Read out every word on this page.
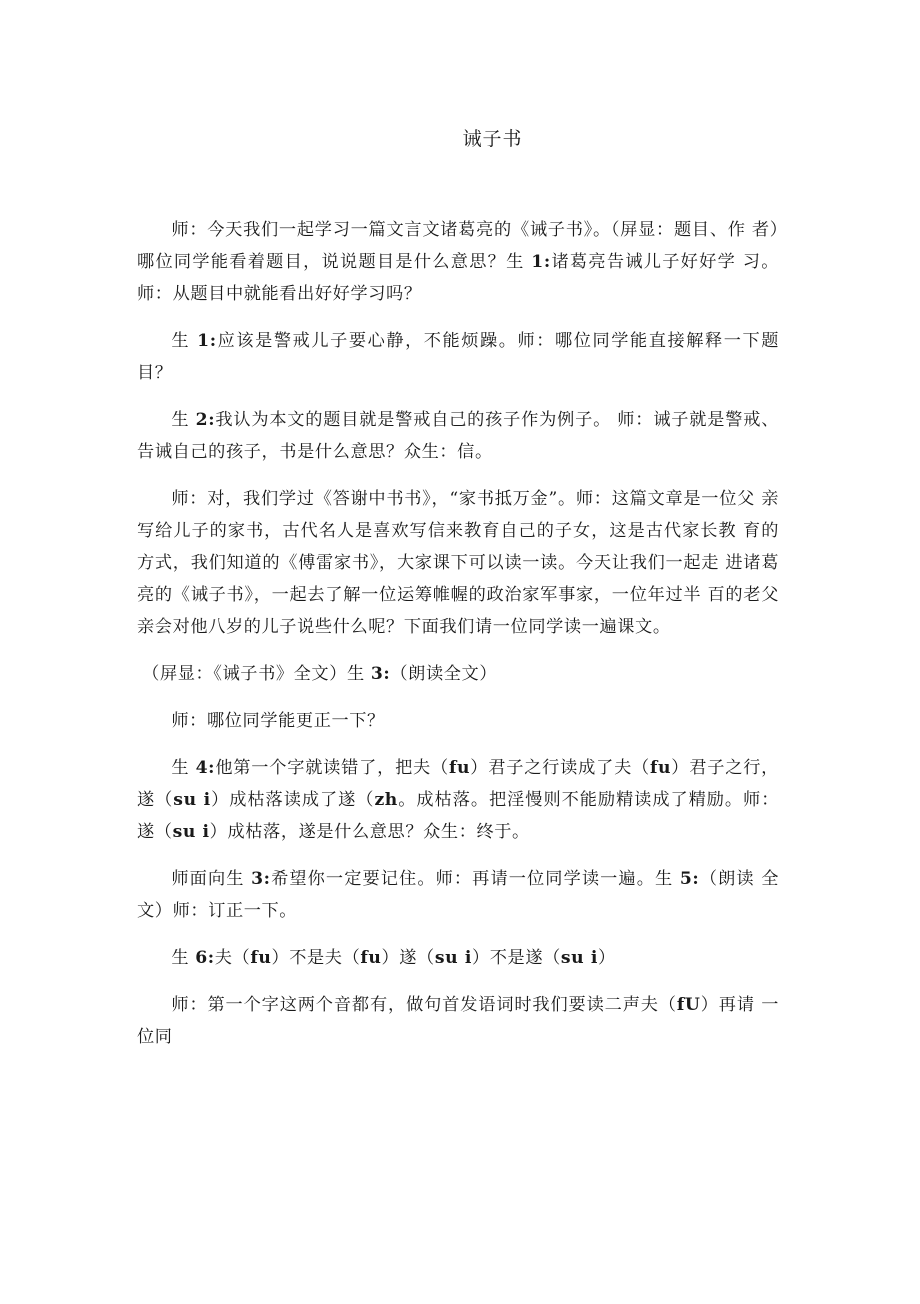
诫子书

师：今天我们一起学习一篇文言文诸葛亮的《诫子书》。（屏显：题目、作 者）哪位同学能看着题目，说说题目是什么意思？生 1:诸葛亮告诫儿子好好学 习。师：从题目中就能看出好好学习吗？

生 1:应该是警戒儿子要心静，不能烦躁。师：哪位同学能直接解释一下题 目？

生 2:我认为本文的题目就是警戒自己的孩子作为例子。 师：诫子就是警戒、 告诫自己的孩子，书是什么意思？众生：信。

师：对，我们学过《答谢中书书》，“家书抵万金”。师：这篇文章是一位父 亲写给儿子的家书，古代名人是喜欢写信来教育自己的子女，这是古代家长教 育的方式，我们知道的《傅雷家书》，大家课下可以读一读。今天让我们一起走 进诸葛亮的《诫子书》，一起去了解一位运筹帷幄的政治家军事家，一位年过半 百的老父亲会对他八岁的儿子说些什么呢？下面我们请一位同学读一遍课文。

（屏显：《诫子书》全文）生 3:（朗读全文）

师：哪位同学能更正一下？

生 4:他第一个字就读错了，把夫（fu）君子之行读成了夫（fu）君子之行，遂（su i）成枯落读成了遂（zh。成枯落。把淫慢则不能励精读成了精励。师：遂（su i）成枯落，遂是什么意思？众生：终于。

师面向生 3:希望你一定要记住。师：再请一位同学读一遍。生 5:（朗读 全文）师：订正一下。

生 6:夫（fu）不是夫（fu）遂（su i）不是遂（su i）

师：第一个字这两个音都有，做句首发语词时我们要读二声夫（fU）再请 一位同
